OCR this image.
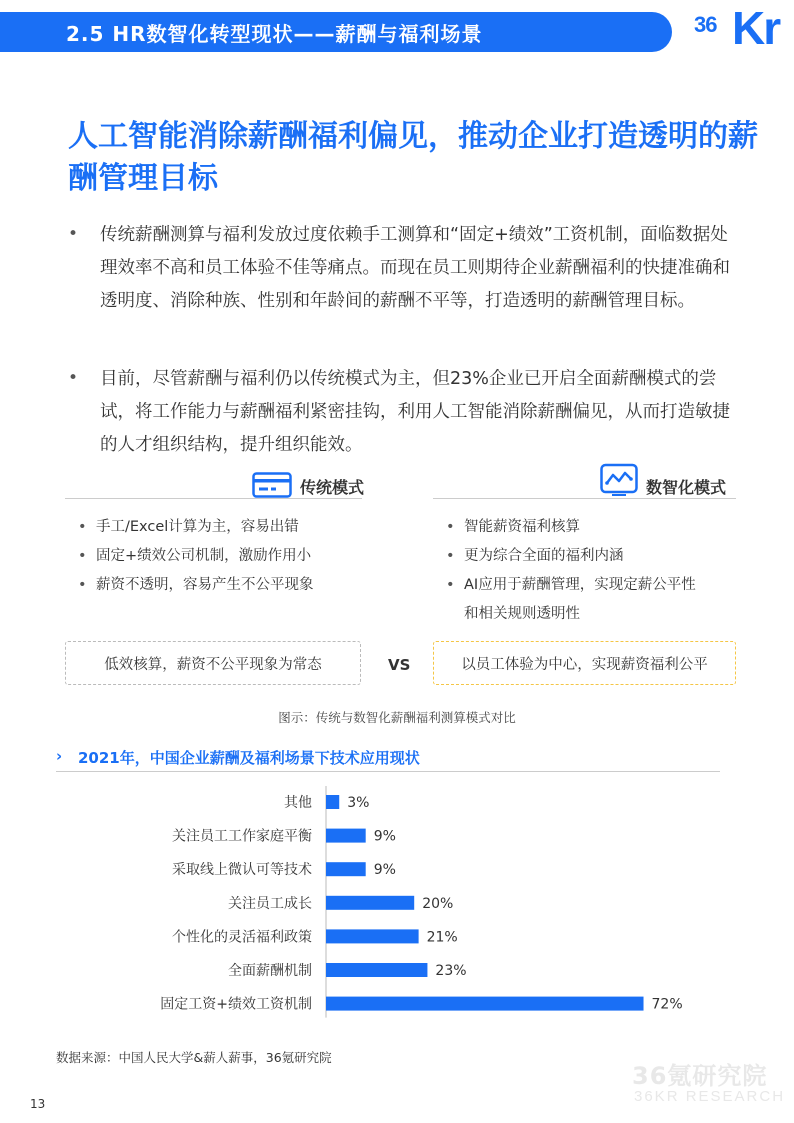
2.5 HR数智化转型现状——薪酬与福利场景	36 Kr
人工智能消除薪酬福利偏见，推动企业打造透明的薪酬管理目标
• 传统薪酬测算与福利发放过度依赖手工测算和“固定+绩效”工资机制，面临数据处理效率不高和员工体验不佳等痛点。而现在员工则期待企业薪酬福利的快捷准确和透明度、消除种族、性别和年龄间的薪酬不平等，打造透明的薪酬管理目标。

• 目前，尽管薪酬与福利仍以传统模式为主，但23%企业已开启全面薪酬模式的尝试，将工作能力与薪酬福利紧密挂钩，利用人工智能消除薪酬偏见，从而打造敏捷的人才组织结构，提升组织能效。

传统模式
• 手工/Excel计算为主，容易出错
• 固定+绩效公司机制，激励作用小
• 薪资不透明，容易产生不公平现象
数智化模式
• 智能薪资福利核算
• 更为综合全面的福利内涵
• AI应用于薪酬管理，实现定薪公平性
和相关规则透明性
低效核算，薪资不公平现象为常态	VS	以员工体验为中心，实现薪资福利公平
图示：传统与数智化薪酬福利测算模式对比
› 2021年，中国企业薪酬及福利场景下技术应用现状
其他	3%
关注员工工作家庭平衡	9%
采取线上微认可等技术	9%
关注员工成长	20%
个性化的灵活福利政策	21%
全面薪酬机制	23%
固定工资+绩效工资机制	72%
数据来源：中国人民大学&薪人薪事，36氪研究院
13
36氪研究院
36KR RESEARCH
